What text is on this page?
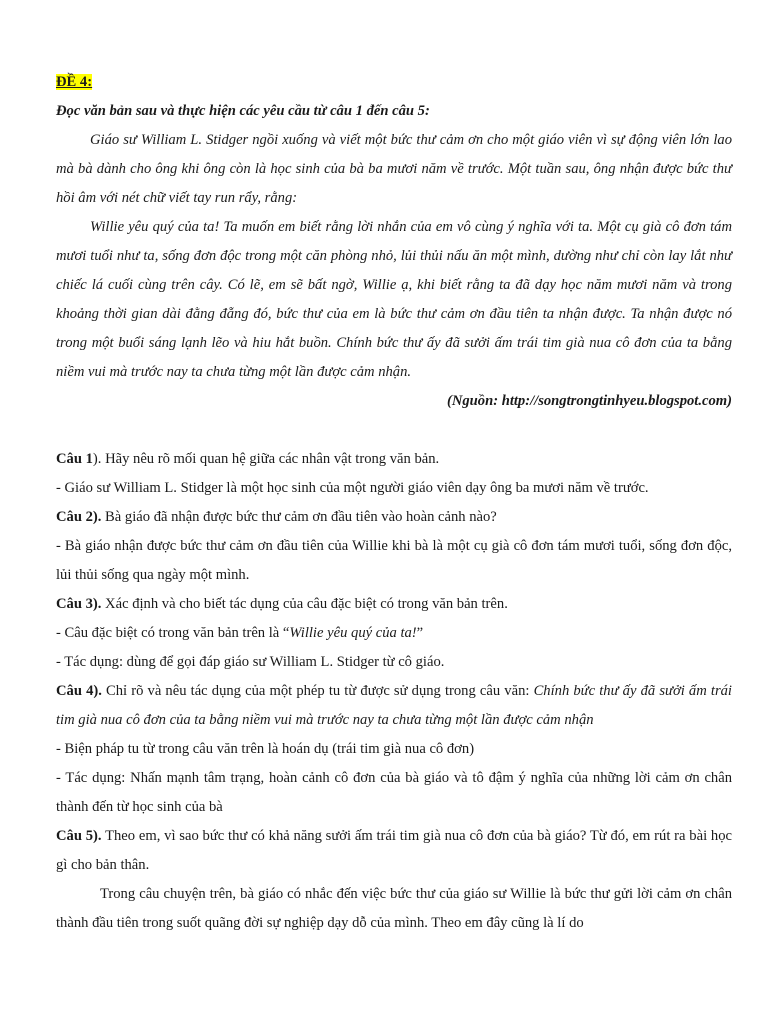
ĐỀ 4:

Đọc văn bản sau và thực hiện các yêu cầu từ câu 1 đến câu 5:

Giáo sư William L. Stidger ngồi xuống và viết một bức thư cảm ơn cho một giáo viên vì sự động viên lớn lao mà bà dành cho ông khi ông còn là học sinh của bà ba mươi năm về trước. Một tuần sau, ông nhận được bức thư hồi âm với nét chữ viết tay run rẩy, rằng:

Willie yêu quý của ta! Ta muốn em biết rằng lời nhắn của em vô cùng ý nghĩa với ta. Một cụ già cô đơn tám mươi tuổi như ta, sống đơn độc trong một căn phòng nhỏ, lủi thủi nấu ăn một mình, dường như chỉ còn lay lắt như chiếc lá cuối cùng trên cây. Có lẽ, em sẽ bất ngờ, Willie ạ, khi biết rằng ta đã dạy học năm mươi năm và trong khoảng thời gian dài đằng đẵng đó, bức thư của em là bức thư cảm ơn đầu tiên ta nhận được. Ta nhận được nó trong một buổi sáng lạnh lẽo và hiu hắt buồn. Chính bức thư ấy đã sưởi ấm trái tim già nua cô đơn của ta bằng niềm vui mà trước nay ta chưa từng một lần được cảm nhận.

(Nguồn: http://songtrongtinhyeu.blogspot.com)

Câu 1). Hãy nêu rõ mối quan hệ giữa các nhân vật trong văn bản.

- Giáo sư William L. Stidger là một học sinh của một người giáo viên dạy ông ba mươi năm về trước.

Câu 2). Bà giáo đã nhận được bức thư cảm ơn đầu tiên vào hoàn cảnh nào?

- Bà giáo nhận được bức thư cảm ơn đầu tiên của Willie khi bà là một cụ già cô đơn tám mươi tuổi, sống đơn độc, lủi thủi sống qua ngày một mình.

Câu 3). Xác định và cho biết tác dụng của câu đặc biệt có trong văn bản trên.

- Câu đặc biệt có trong văn bản trên là “Willie yêu quý của ta!”

- Tác dụng: dùng để gọi đáp giáo sư William L. Stidger từ cô giáo.

Câu 4). Chỉ rõ và nêu tác dụng của một phép tu từ được sử dụng trong câu văn: Chính bức thư ấy đã sưởi ấm trái tim già nua cô đơn của ta bằng niềm vui mà trước nay ta chưa từng một lần được cảm nhận

- Biện pháp tu từ trong câu văn trên là hoán dụ (trái tim già nua cô đơn)

- Tác dụng: Nhấn mạnh tâm trạng, hoàn cảnh cô đơn của bà giáo và tô đậm ý nghĩa của những lời cảm ơn chân thành đến từ học sinh của bà

Câu 5). Theo em, vì sao bức thư có khả năng sưởi ấm trái tim già nua cô đơn của bà giáo? Từ đó, em rút ra bài học gì cho bản thân.

Trong câu chuyện trên, bà giáo có nhắc đến việc bức thư của giáo sư Willie là bức thư gửi lời cảm ơn chân thành đầu tiên trong suốt quãng đời sự nghiệp dạy dỗ của mình. Theo em đây cũng là lí do
